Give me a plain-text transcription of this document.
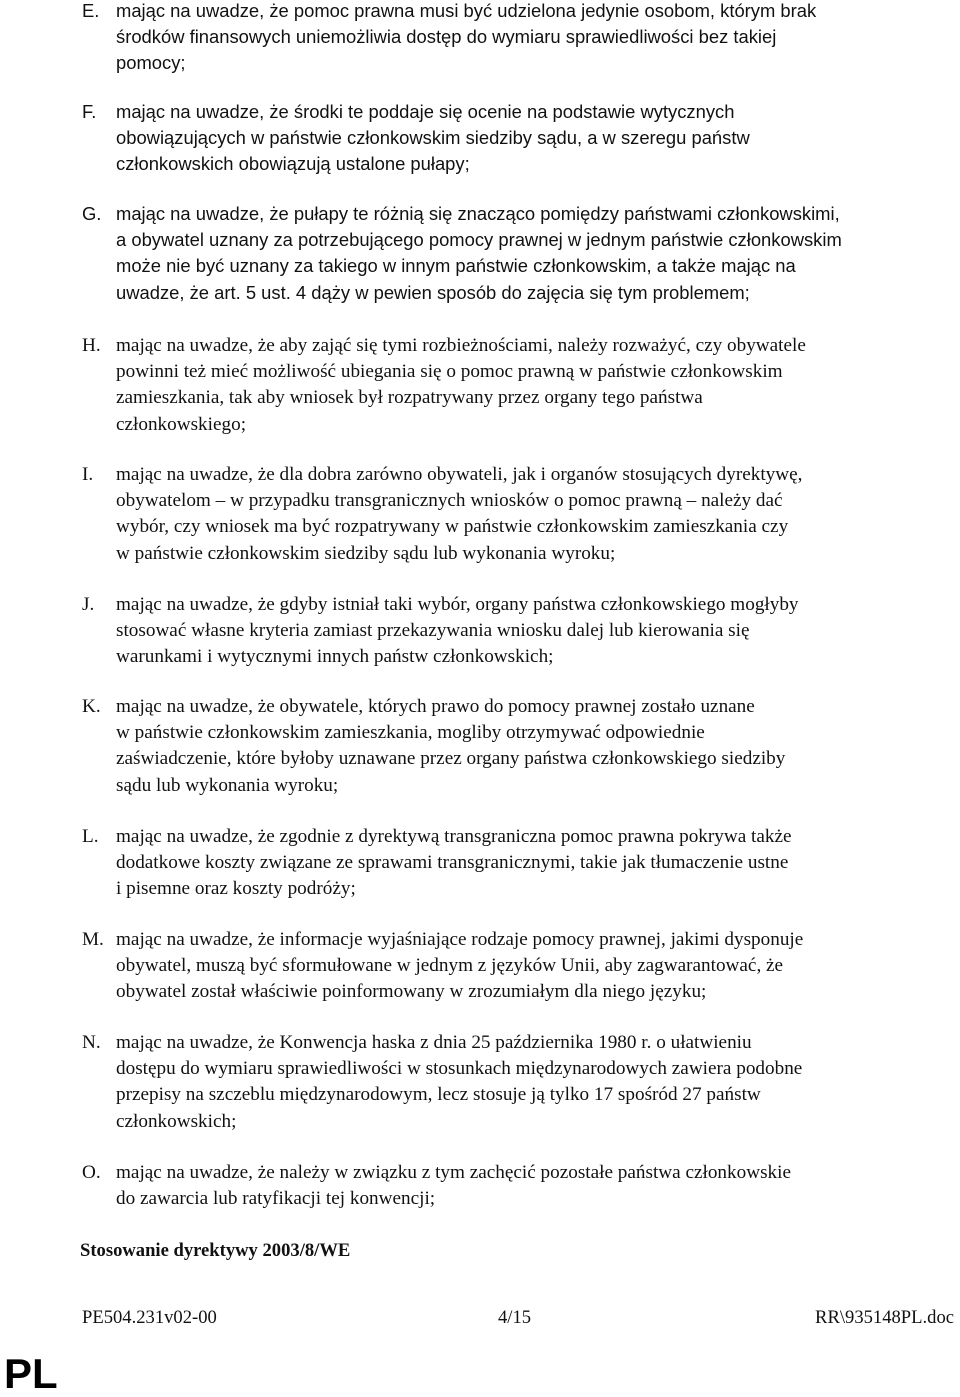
E. mając na uwadze, że pomoc prawna musi być udzielona jedynie osobom, którym brak
środków finansowych uniemożliwia dostęp do wymiaru sprawiedliwości bez takiej
pomocy;
F.	mając na uwadze, że środki te poddaje się ocenie na podstawie wytycznych
obowiązujących w państwie członkowskim siedziby sądu, a w szeregu państw
członkowskich obowiązują ustalone pułapy;
G. mając na uwadze, że pułapy te różnią się znacząco pomiędzy państwami członkowskimi,
a obywatel uznany za potrzebującego pomocy prawnej w jednym państwie członkowskim
może nie być uznany za takiego w innym państwie członkowskim, a także mając na
uwadze, że art. 5 ust. 4 dąży w pewien sposób do zajęcia się tym problemem;
H. mając na uwadze, że aby zająć się tymi rozbieżnościami, należy rozważyć, czy obywatele
powinni też mieć możliwość ubiegania się o pomoc prawną w państwie członkowskim
zamieszkania, tak aby wniosek był rozpatrywany przez organy tego państwa
członkowskiego;
I.	mając na uwadze, że dla dobra zarówno obywateli, jak i organów stosujących dyrektywę,
obywatelom – w przypadku transgranicznych wniosków o pomoc prawną – należy dać
wybór, czy wniosek ma być rozpatrywany w państwie członkowskim zamieszkania czy
w państwie członkowskim siedziby sądu lub wykonania wyroku;
J.	mając na uwadze, że gdyby istniał taki wybór, organy państwa członkowskiego mogłyby
stosować własne kryteria zamiast przekazywania wniosku dalej lub kierowania się
warunkami i wytycznymi innych państw członkowskich;
K. mając na uwadze, że obywatele, których prawo do pomocy prawnej zostało uznane
w państwie członkowskim zamieszkania, mogliby otrzymywać odpowiednie
zaświadczenie, które byłoby uznawane przez organy państwa członkowskiego siedziby
sądu lub wykonania wyroku;
L. mając na uwadze, że zgodnie z dyrektywą transgraniczna pomoc prawna pokrywa także
dodatkowe koszty związane ze sprawami transgranicznymi, takie jak tłumaczenie ustne
i pisemne oraz koszty podróży;
M. mając na uwadze, że informacje wyjaśniające rodzaje pomocy prawnej, jakimi dysponuje
obywatel, muszą być sformułowane w jednym z języków Unii, aby zagwarantować, że
obywatel został właściwie poinformowany w zrozumiałym dla niego języku;
N. mając na uwadze, że Konwencja haska z dnia 25 października 1980 r. o ułatwieniu
dostępu do wymiaru sprawiedliwości w stosunkach międzynarodowych zawiera podobne
przepisy na szczeblu międzynarodowym, lecz stosuje ją tylko 17 spośród 27 państw
członkowskich;
O. mając na uwadze, że należy w związku z tym zachęcić pozostałe państwa członkowskie
do zawarcia lub ratyfikacji tej konwencji;
Stosowanie dyrektywy 2003/8/WE
PE504.231v02-00	4/15	RR\935148PL.doc
PL
